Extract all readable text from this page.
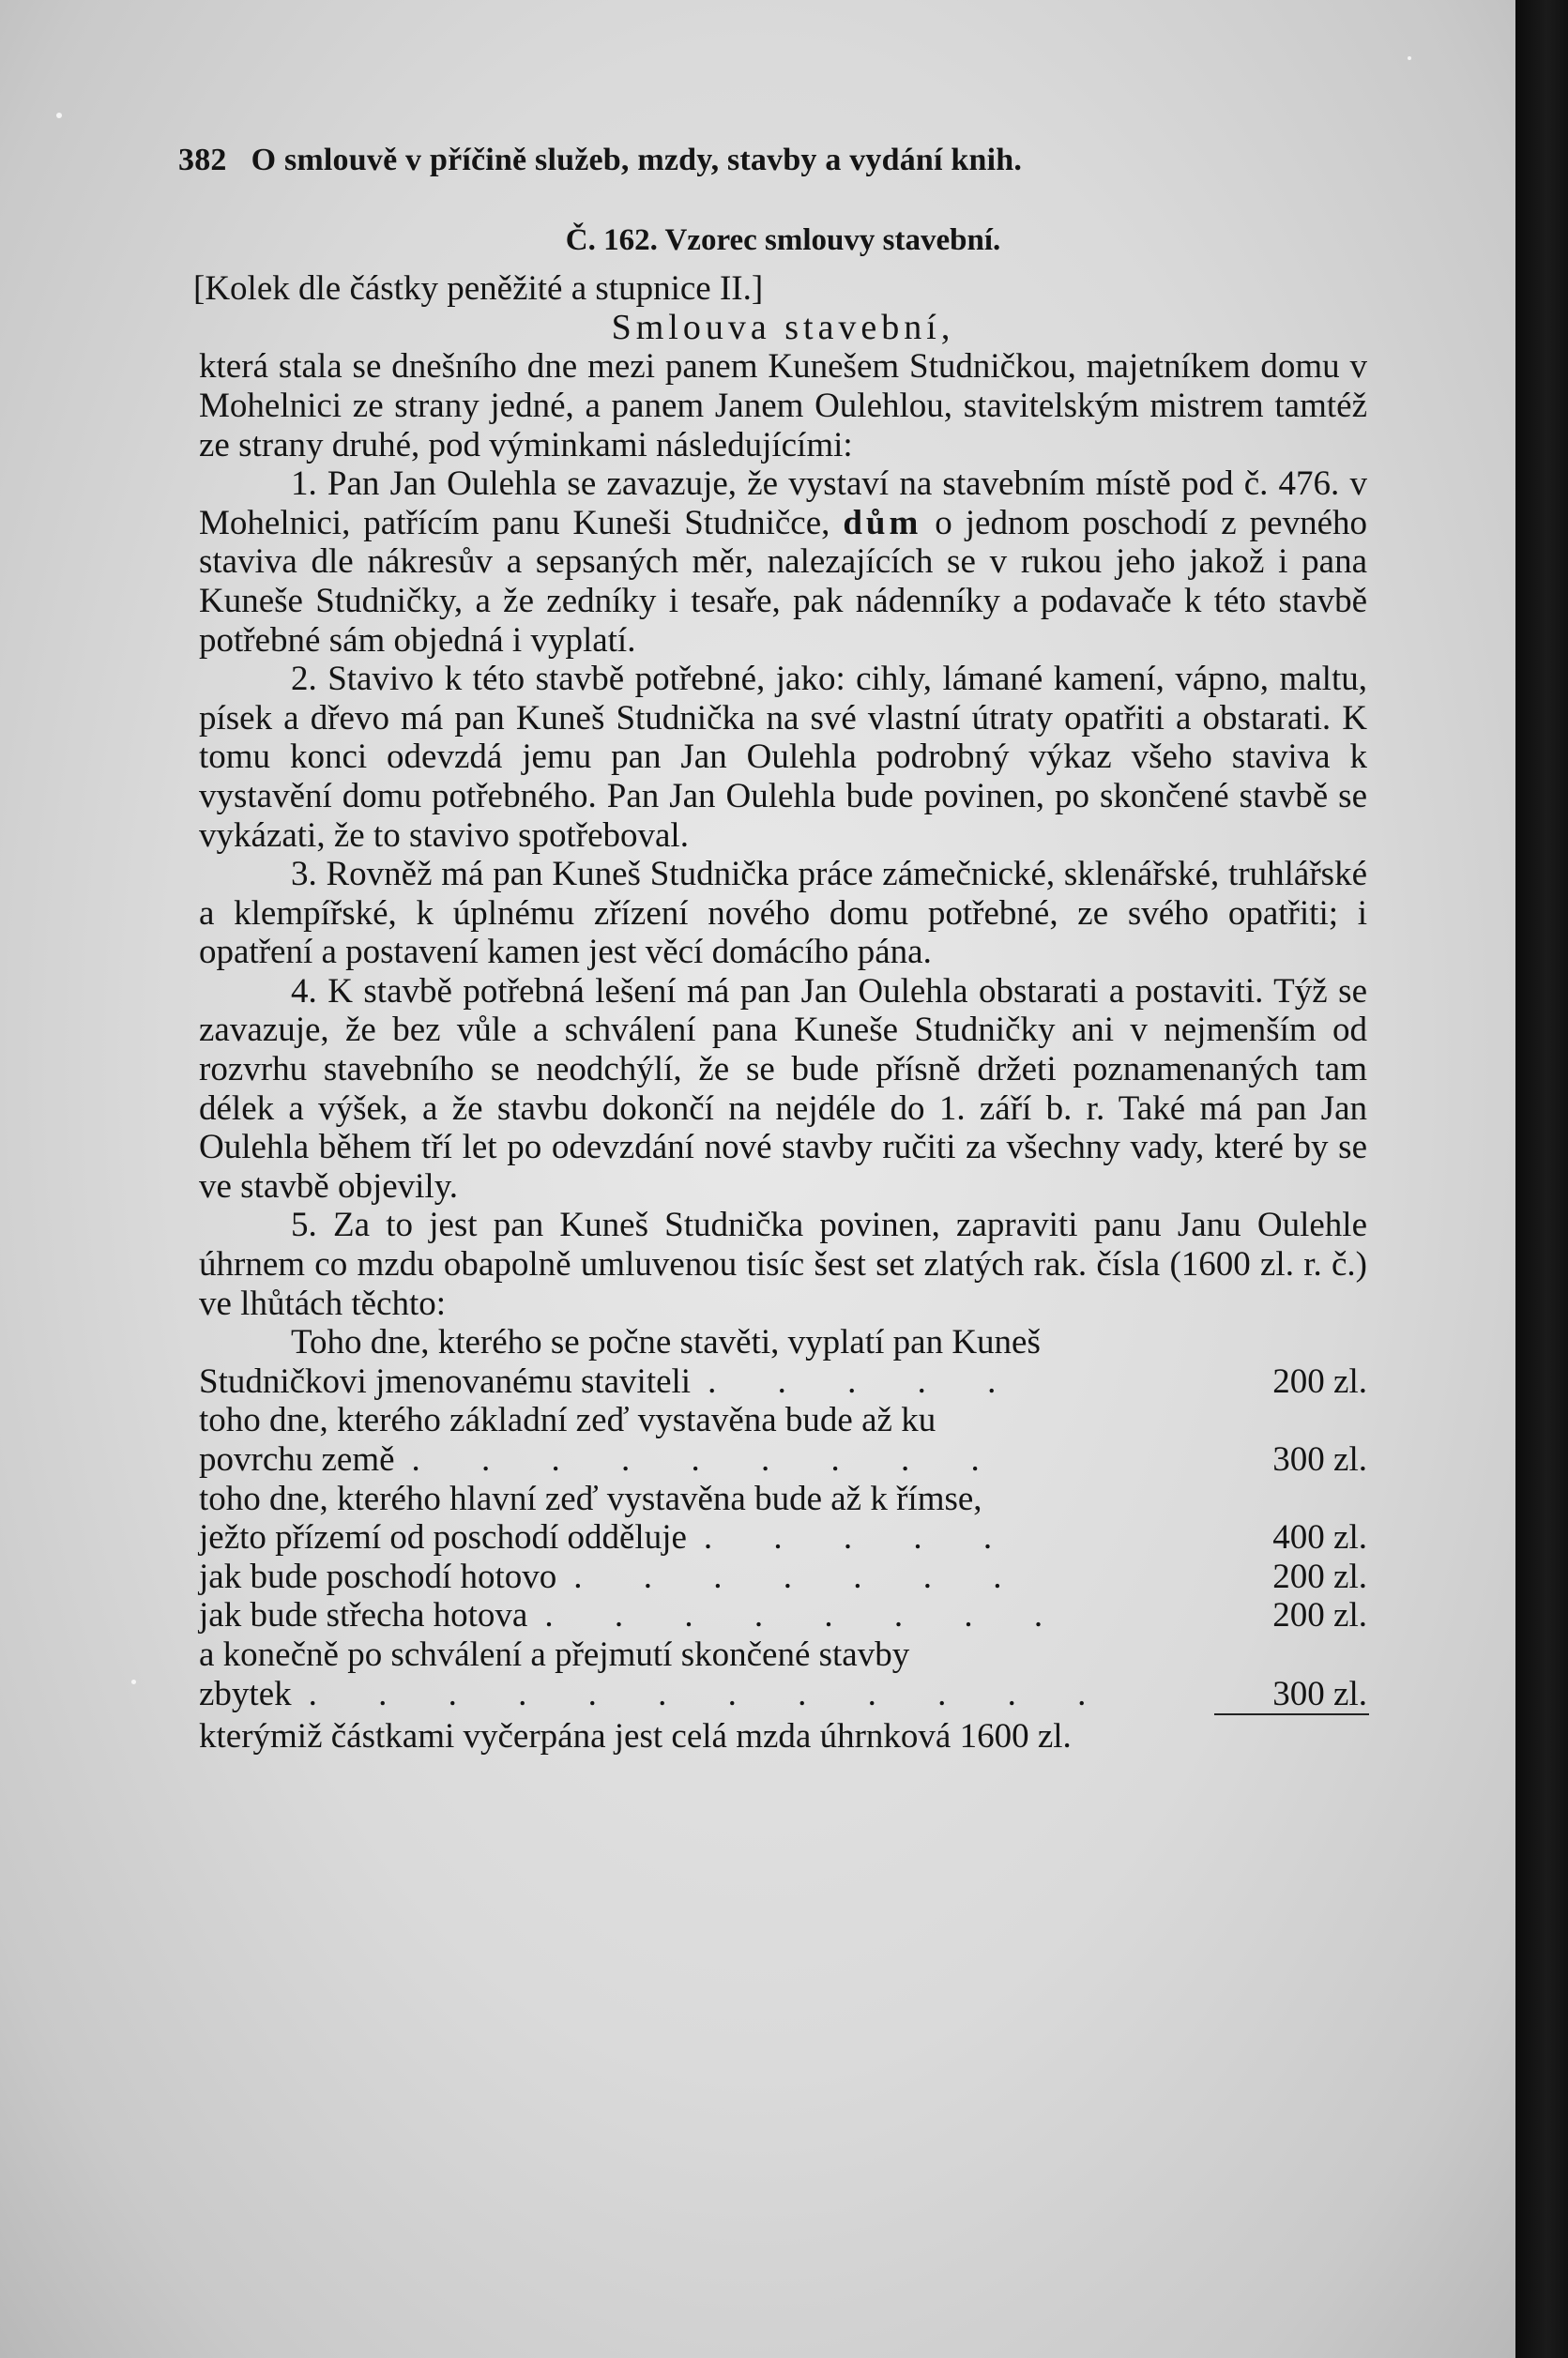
382 O smlouvě v příčině služeb, mzdy, stavby a vydání knih.
Č. 162. Vzorec smlouvy stavební.
[Kolek dle částky peněžité a stupnice II.]
Smlouva stavební,

která stala se dnešního dne mezi panem Kunešem Studničkou, majetníkem domu v Mohelnici ze strany jedné, a panem Janem Oulehlou, stavitelským mistrem tamtéž ze strany druhé, pod výminkami následujícími:

1. Pan Jan Oulehla se zavazuje, že vystaví na stavebním místě pod č. 476. v Mohelnici, patřícím panu Kuneši Studničce, dům o jednom poschodí z pevného staviva dle nákresův a sepsaných měr, nalezajících se v rukou jeho jakož i pana Kuneše Studničky, a že zedníky i tesaře, pak nádenníky a podavače k této stavbě potřebné sám objedná i vyplatí.

2. Stavivo k této stavbě potřebné, jako: cihly, lámané kamení, vápno, maltu, písek a dřevo má pan Kuneš Studnička na své vlastní útraty opatřiti a obstarati. K tomu konci odevzdá jemu pan Jan Oulehla podrobný výkaz všeho staviva k vystavění domu potřebného. Pan Jan Oulehla bude povinen, po skončené stavbě se vykázati, že to stavivo spotřeboval.

3. Rovněž má pan Kuneš Studnička práce zámečnické, sklenářské, truhlářské a klempířské, k úplnému zřízení nového domu potřebné, ze svého opatřiti; i opatření a postavení kamen jest věcí domácího pána.

4. K stavbě potřebná lešení má pan Jan Oulehla obstarati a postaviti. Týž se zavazuje, že bez vůle a schválení pana Kuneše Studničky ani v nejmenším od rozvrhu stavebního se neodchýlí, že se bude přísně držeti poznamenaných tam délek a výšek, a že stavbu dokončí na nejdéle do 1. září b. r. Také má pan Jan Oulehla během tří let po odevzdání nové stavby ručiti za všechny vady, které by se ve stavbě objevily.

5. Za to jest pan Kuneš Studnička povinen, zapraviti panu Janu Oulehle úhrnem co mzdu obapolně umluvenou tisíc šest set zlatých rak. čísla (1600 zl. r. č.) ve lhůtách těchto:

Toho dne, kterého se počne stavěti, vyplatí pan Kuneš
Studničkovi jmenovanému staviteli . . . . .	200 zl.
toho dne, kterého základní zeď vystavěna bude až ku
povrchu země . . . . . . . . .	300 zl.
toho dne, kterého hlavní zeď vystavěna bude až k římse,
ježto přízemí od poschodí odděluje . . . . .	400 zl.
jak bude poschodí hotovo . . . . . . .	200 zl.
jak bude střecha hotova . . . . . . . .	200 zl.
a konečně po schválení a přejmutí skončené stavby
zbytek . . . . . . . . . . . .	300 zl.
kterýmiž částkami vyčerpána jest celá mzda úhrnková 1600 zl.
